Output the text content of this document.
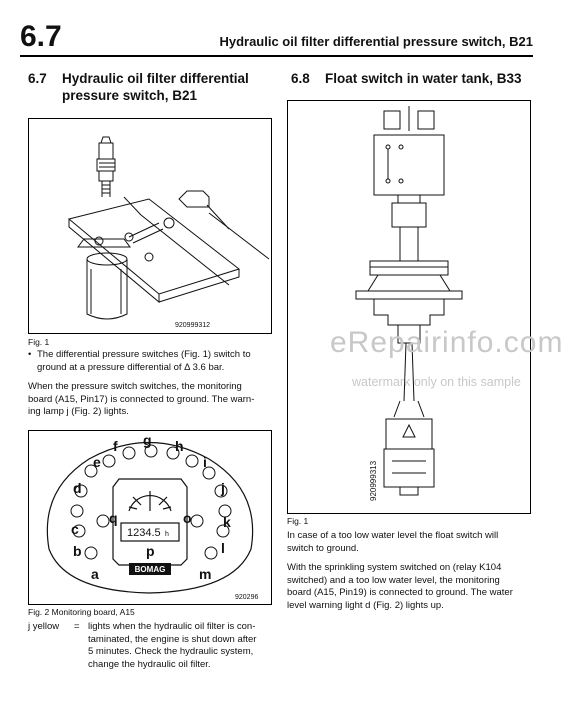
6.7	Hydraulic oil filter differential pressure switch, B21
6.7 Hydraulic oil filter differential
pressure switch, B21
6.8 Float switch in water tank, B33
920999312
Fig. 1
• The differential pressure switches (Fig. 1) switch to
ground at a pressure differential of Δ 3.6 bar.
When the pressure switch switches, the monitoring
board (A15, Pin17) is connected to ground. The warn-
ing lamp j (Fig. 2) lights.
BOMAG
1234.5 h
a
b
c
d
e
f g h
i
j
k
l
m
o
p
q
920296
Fig. 2 Monitoring board, A15
j yellow = lights when the hydraulic oil filter is con-
taminated, the engine is shut down after
5 minutes. Check the hydraulic system,
change the hydraulic oil filter.
920999313
Fig. 1
In case of a too low water level the float switch will
switch to ground.
With the sprinkling system switched on (relay K104
switched) and a too low water level, the monitoring
board (A15, Pin19) is connected to ground. The water
level warning light d (Fig. 2) lights up.
eRepairinfo.com
watermark only on this sample
